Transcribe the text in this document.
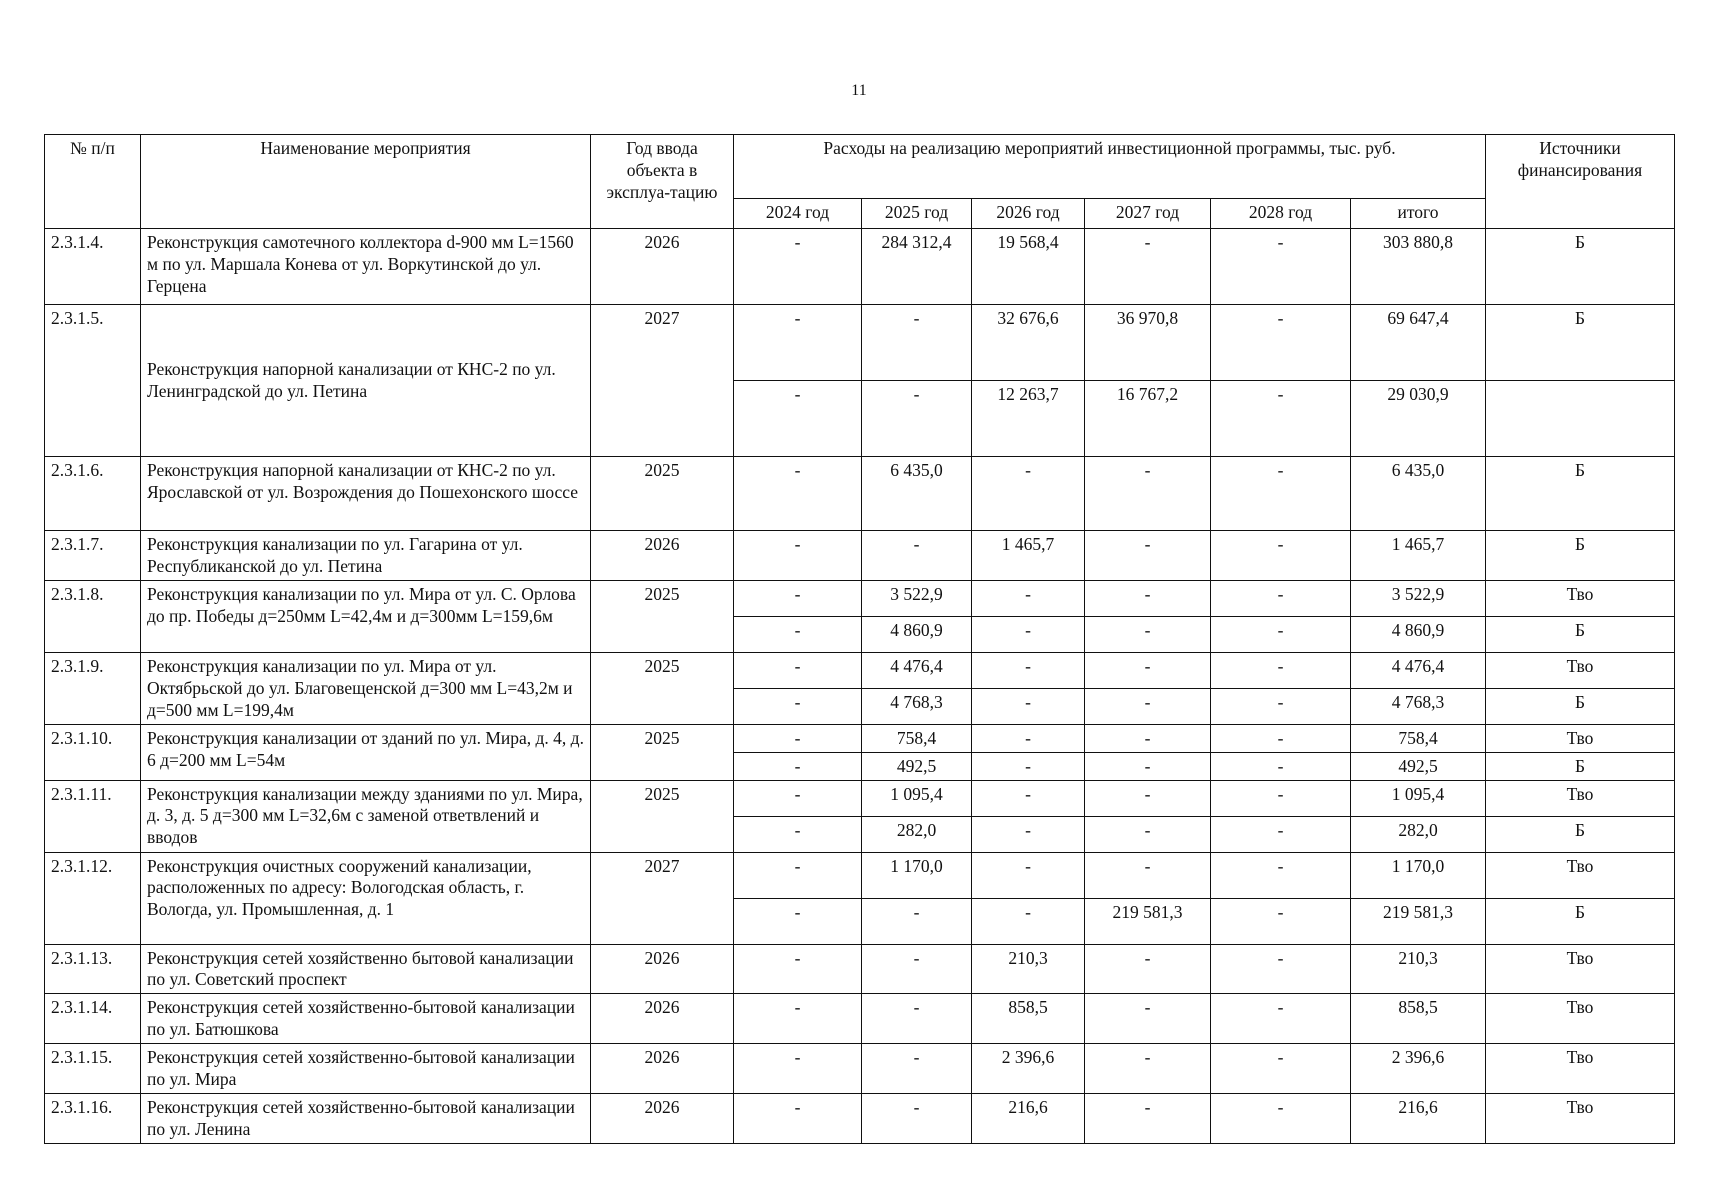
11
№ п/п	Наименование мероприятия	Год ввода объекта в эксплуа-тацию	Расходы на реализацию мероприятий инвестиционной программы, тыс. руб.						Источники финансирования
			2024 год	2025 год	2026 год	2027 год	2028 год	итого	
2.3.1.4.	Реконструкция самотечного коллектора d-900 мм L=1560 м по ул. Маршала Конева от ул. Воркутинской до ул. Герцена	2026	-	284 312,4	19 568,4	-	-	303 880,8	Б
2.3.1.5.	Реконструкция напорной канализации от КНС-2 по ул. Ленинградской до ул. Петина	2027	-	-	32 676,6	36 970,8	-	69 647,4	Б
			-	-	12 263,7	16 767,2	-	29 030,9	
2.3.1.6.	Реконструкция напорной канализации от КНС-2 по ул. Ярославской от ул. Возрождения до Пошехонского шоссе	2025	-	6 435,0	-	-	-	6 435,0	Б
2.3.1.7.	Реконструкция канализации по ул. Гагарина от ул. Республиканской до ул. Петина	2026	-	-	1 465,7	-	-	1 465,7	Б
2.3.1.8.	Реконструкция канализации по ул. Мира от ул. С. Орлова до пр. Победы д=250мм L=42,4м и д=300мм L=159,6м	2025	-	3 522,9	-	-	-	3 522,9	Тво
			-	4 860,9	-	-	-	4 860,9	Б
2.3.1.9.	Реконструкция канализации по ул. Мира от ул. Октябрьской до ул. Благовещенской д=300 мм L=43,2м и д=500 мм L=199,4м	2025	-	4 476,4	-	-	-	4 476,4	Тво
			-	4 768,3	-	-	-	4 768,3	Б
2.3.1.10.	Реконструкция канализации от зданий по ул. Мира, д. 4, д. 6 д=200 мм L=54м	2025	-	758,4	-	-	-	758,4	Тво
			-	492,5	-	-	-	492,5	Б
2.3.1.11.	Реконструкция канализации между зданиями по ул. Мира, д. 3, д. 5 д=300 мм L=32,6м с заменой ответвлений и вводов	2025	-	1 095,4	-	-	-	1 095,4	Тво
			-	282,0	-	-	-	282,0	Б
2.3.1.12.	Реконструкция очистных сооружений канализации, расположенных по адресу: Вологодская область, г. Вологда, ул. Промышленная, д. 1	2027	-	1 170,0	-	-	-	1 170,0	Тво
			-	-	-	219 581,3	-	219 581,3	Б
2.3.1.13.	Реконструкция сетей хозяйственно бытовой канализации по ул. Советский проспект	2026	-	-	210,3	-	-	210,3	Тво
2.3.1.14.	Реконструкция сетей хозяйственно-бытовой канализации по ул. Батюшкова	2026	-	-	858,5	-	-	858,5	Тво
2.3.1.15.	Реконструкция сетей хозяйственно-бытовой канализации по ул. Мира	2026	-	-	2 396,6	-	-	2 396,6	Тво
2.3.1.16.	Реконструкция сетей хозяйственно-бытовой канализации по ул. Ленина	2026	-	-	216,6	-	-	216,6	Тво
